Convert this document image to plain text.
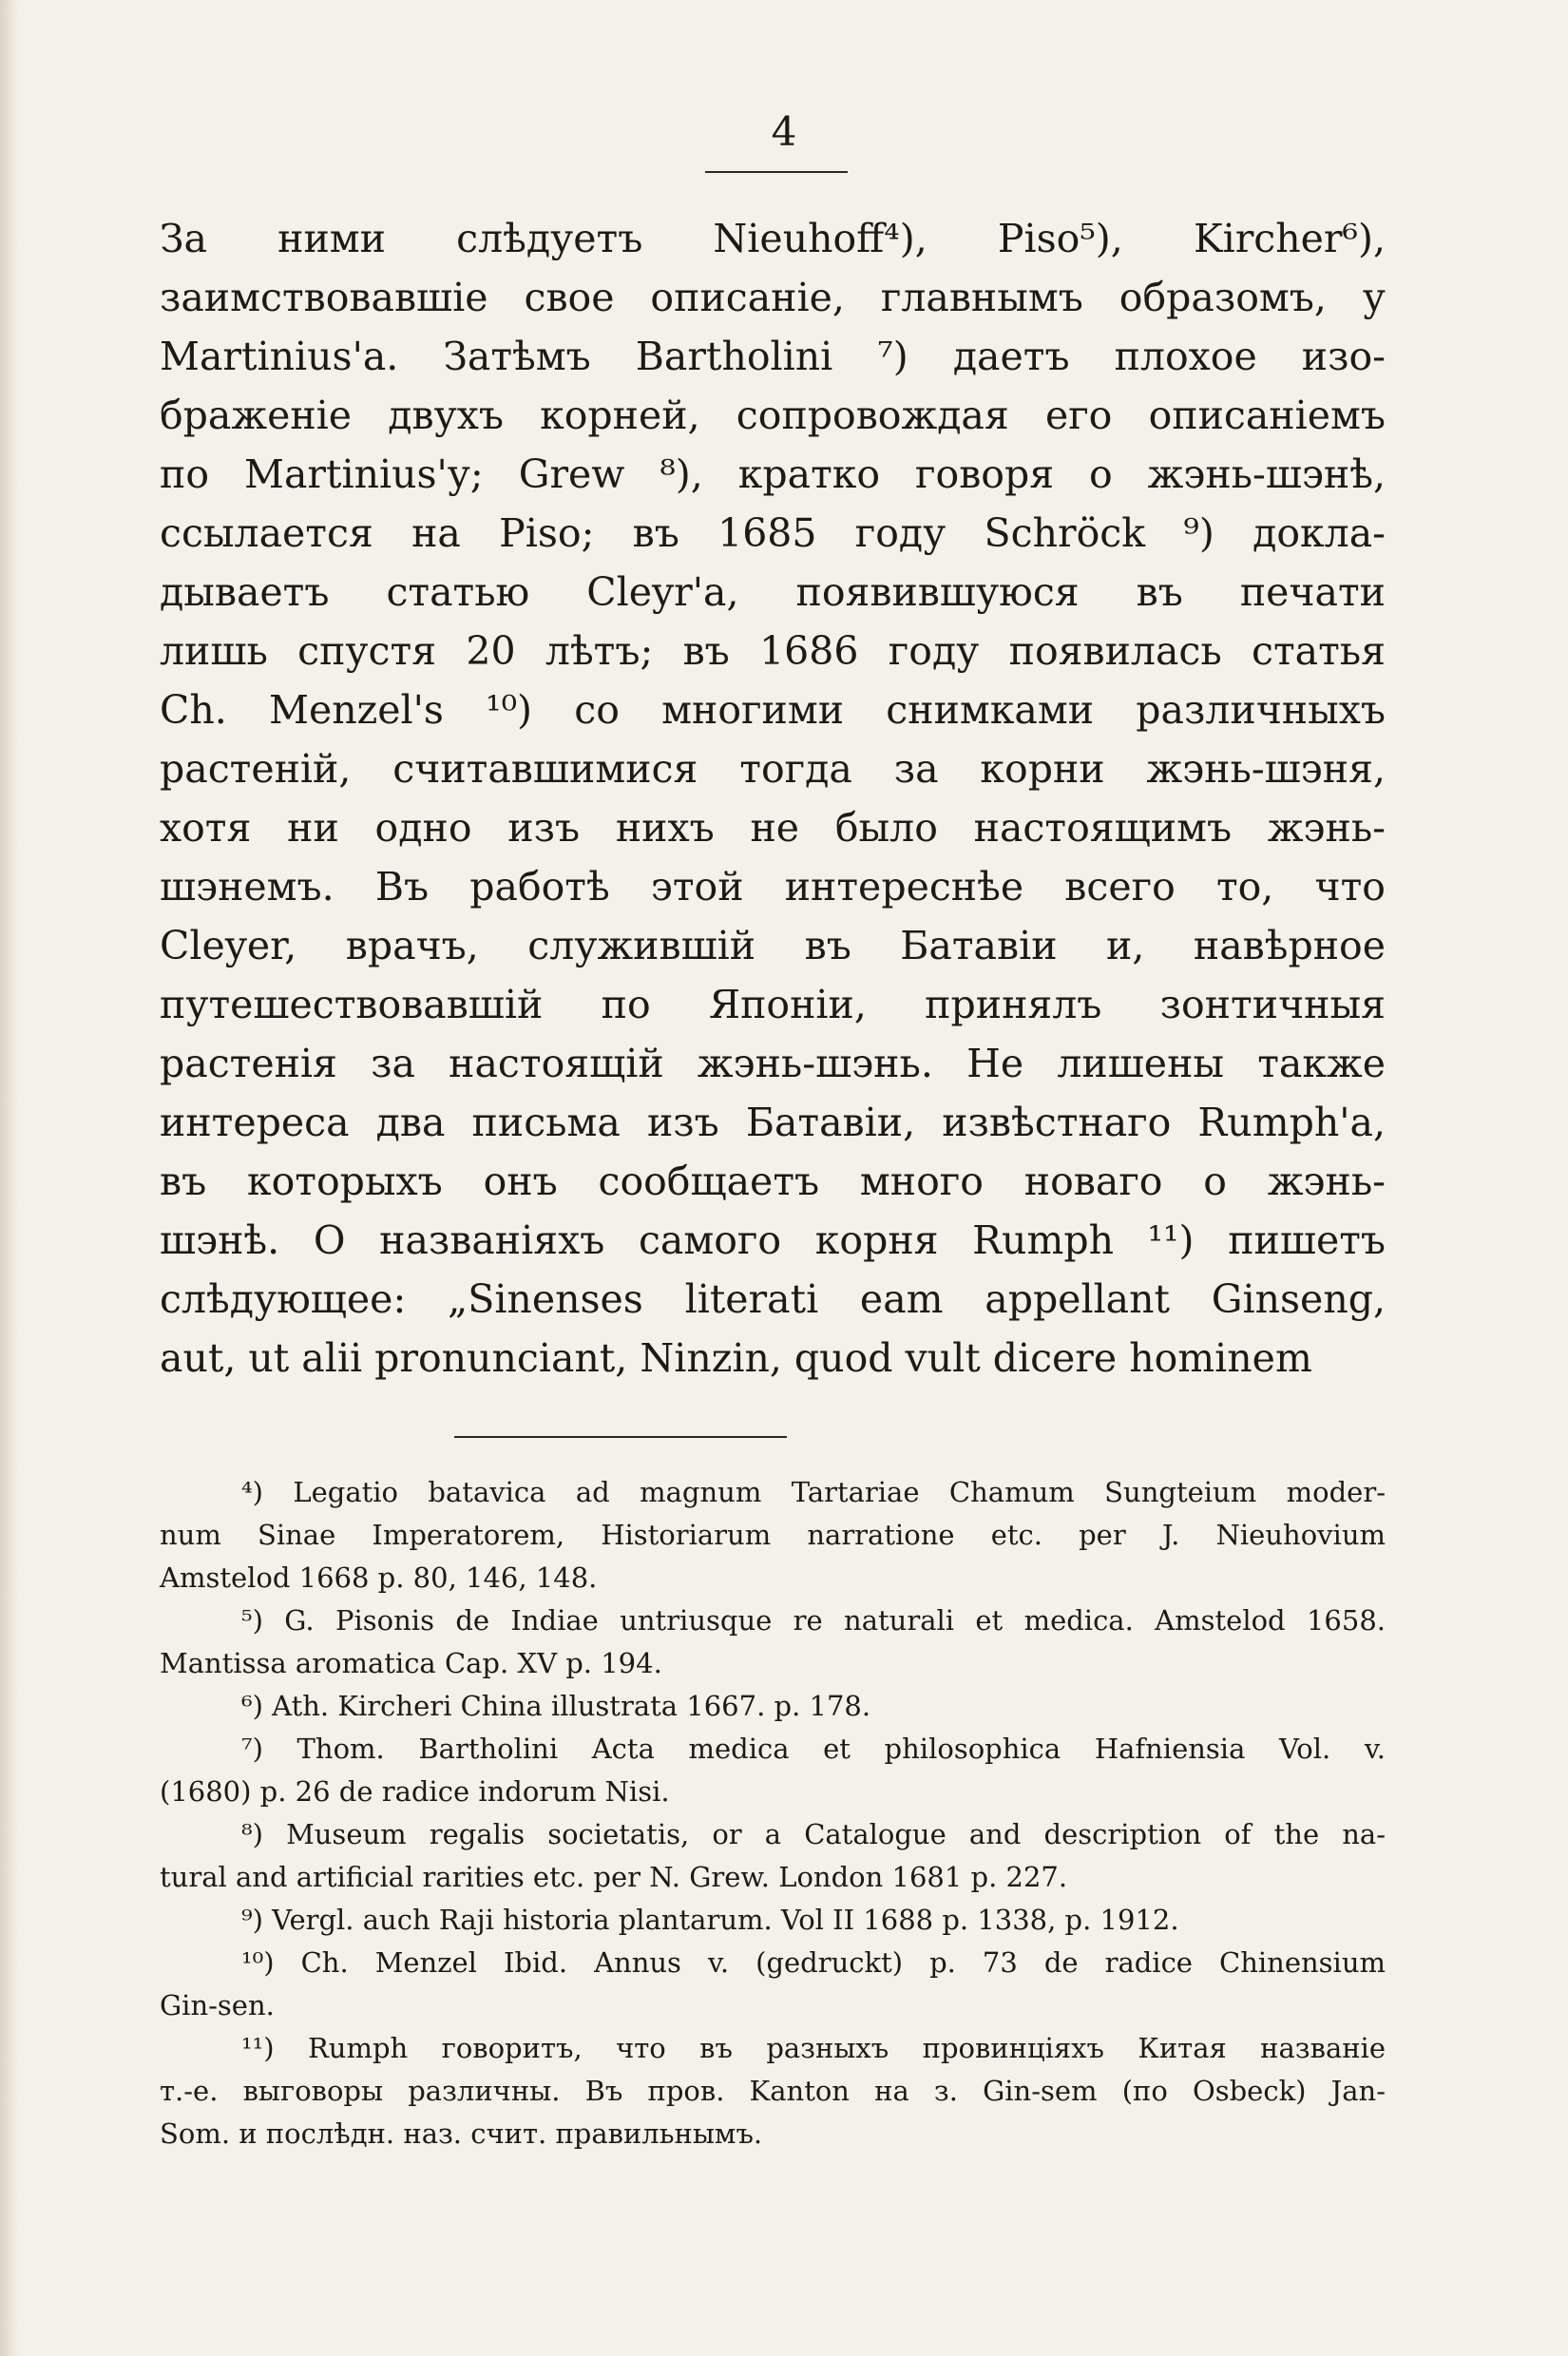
4
За ними слѣдуетъ Nieuhoff⁴), Piso⁵), Kircher⁶),
заимствовавшіе свое описаніе, главнымъ образомъ, у
Martinius'а. Затѣмъ Bartholini ⁷) даетъ плохое изо-
браженіе двухъ корней, сопровождая его описаніемъ
по Martinius'у; Grew ⁸), кратко говоря о жэнь-шэнѣ,
ссылается на Piso; въ 1685 году Schröck ⁹) доклa-
дываетъ статью Cleyr'а, появившуюся въ печати
лишь спустя 20 лѣтъ; въ 1686 году появилась статья
Ch. Menzel's ¹⁰) со многими снимками различныхъ
растеній, считавшимися тогда за корни жэнь-шэня,
хотя ни одно изъ нихъ не было настоящимъ жэнь-
шэнемъ. Въ работѣ этой интереснѣе всего то, что
Cleyer, врачъ, служившій въ Батавіи и, навѣрное
путешествовавшій по Японіи, принялъ зонтичныя
растенія за настоящій жэнь-шэнь. Не лишены также
интереса два письма изъ Батавіи, извѣстнаго Rumph'а,
въ которыхъ онъ сообщаетъ много новаго о жэнь-
шэнѣ. О названіяхъ самого корня Rumph ¹¹) пишетъ
слѣдующее: „Sinenses literati eam appellant Ginseng,
aut, ut alii pronunciant, Ninzin, quod vult dicere hominem
⁴) Legatio batavica ad magnum Tartariae Chamum Sungteium moder-
num Sinae Imperatorem, Historiarum narratione etc. per J. Nieuhovium
Amstelod 1668 p. 80, 146, 148.
⁵) G. Pisonis de Indiae untriusque re naturali et medica. Amstelod 1658.
Mantissa aromatica Cap. XV p. 194.
⁶) Ath. Kircheri China illustrata 1667. p. 178.
⁷) Thom. Bartholini Acta medica et philosophica Hafniensia Vol. v.
(1680) p. 26 de radice indorum Nisi.
⁸) Museum regalis societatis, or a Catalogue and description of the na-
tural and artificial rarities etc. per N. Grew. London 1681 p. 227.
⁹) Vergl. auch Raji historia plantarum. Vol II 1688 p. 1338, p. 1912.
¹⁰) Ch. Menzel Ibid. Annus v. (gedruckt) p. 73 de radice Chinensium
Gin-sen.
¹¹) Rumph говоритъ, что въ разныхъ провинціяхъ Китая названіе
т.-е. выговоры различны. Въ пров. Kanton на з. Gin-sem (по Osbeck) Jan-
Som. и послѣдн. наз. счит. правильнымъ.
